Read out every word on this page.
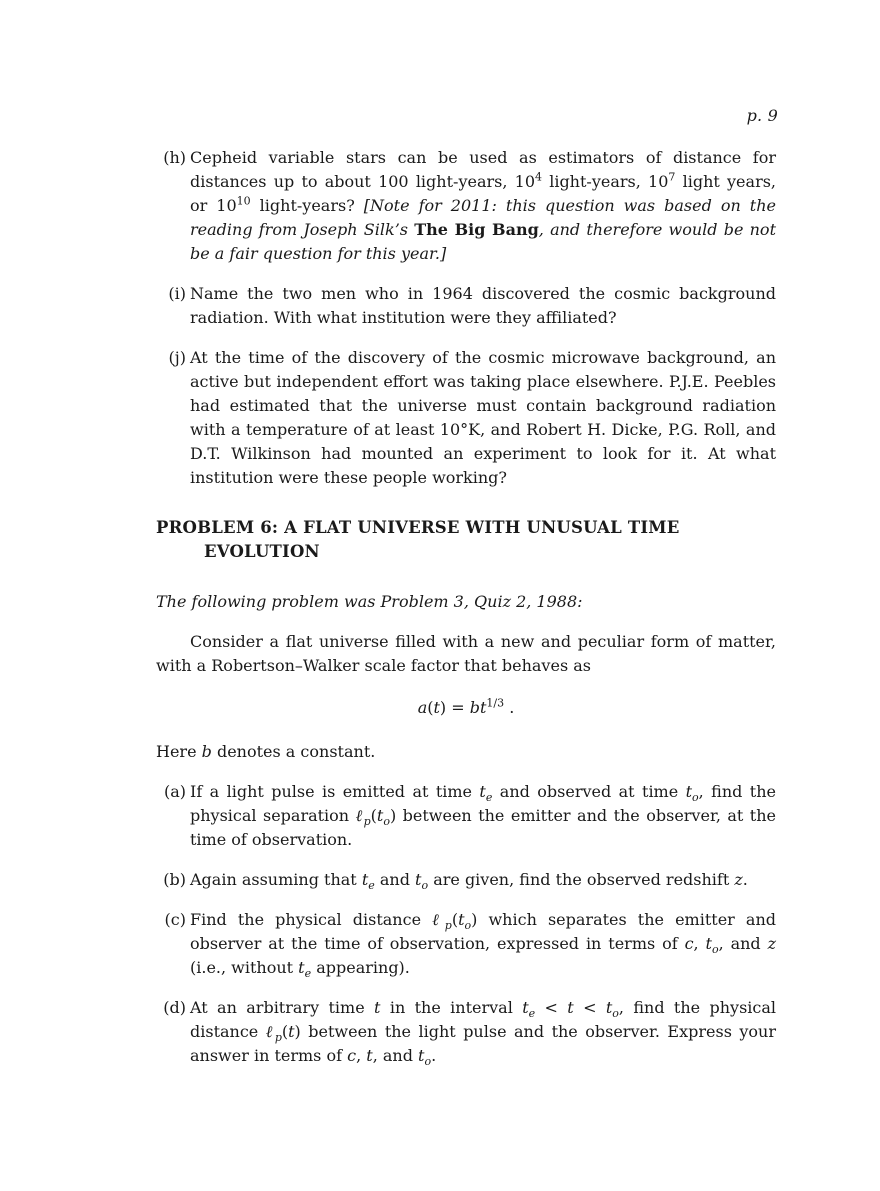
p. 9
(h) Cepheid variable stars can be used as estimators of distance for distances up to about 100 light-years, $10^4$ light-years, $10^7$ light years, or $10^{10}$ light-years? [Note for 2011: this question was based on the reading from Joseph Silk’s The Big Bang, and therefore would be not be a fair question for this year.]
(i) Name the two men who in 1964 discovered the cosmic background radiation. With what institution were they affiliated?
(j) At the time of the discovery of the cosmic microwave background, an active but independent effort was taking place elsewhere. P.J.E. Peebles had estimated that the universe must contain background radiation with a temperature of at least 10°K, and Robert H. Dicke, P.G. Roll, and D.T. Wilkinson had mounted an experiment to look for it. At what institution were these people working?
PROBLEM 6: A FLAT UNIVERSE WITH UNUSUAL TIME EVOLUTION
The following problem was Problem 3, Quiz 2, 1988:
Consider a flat universe filled with a new and peculiar form of matter, with a Robertson–Walker scale factor that behaves as
$a(t) = bt^{1/3}$ .
Here b denotes a constant.
(a) If a light pulse is emitted at time $t_e$ and observed at time $t_o$, find the physical separation $\ell_p(t_o)$ between the emitter and the observer, at the time of observation.
(b) Again assuming that $t_e$ and $t_o$ are given, find the observed redshift z.
(c) Find the physical distance $\ell_p(t_o)$ which separates the emitter and observer at the time of observation, expressed in terms of c, $t_o$, and z (i.e., without $t_e$ appearing).
(d) At an arbitrary time t in the interval $t_e < t < t_o$, find the physical distance ℓ$_p$(t) between the light pulse and the observer. Express your answer in terms of c, t, and $t_o$.
